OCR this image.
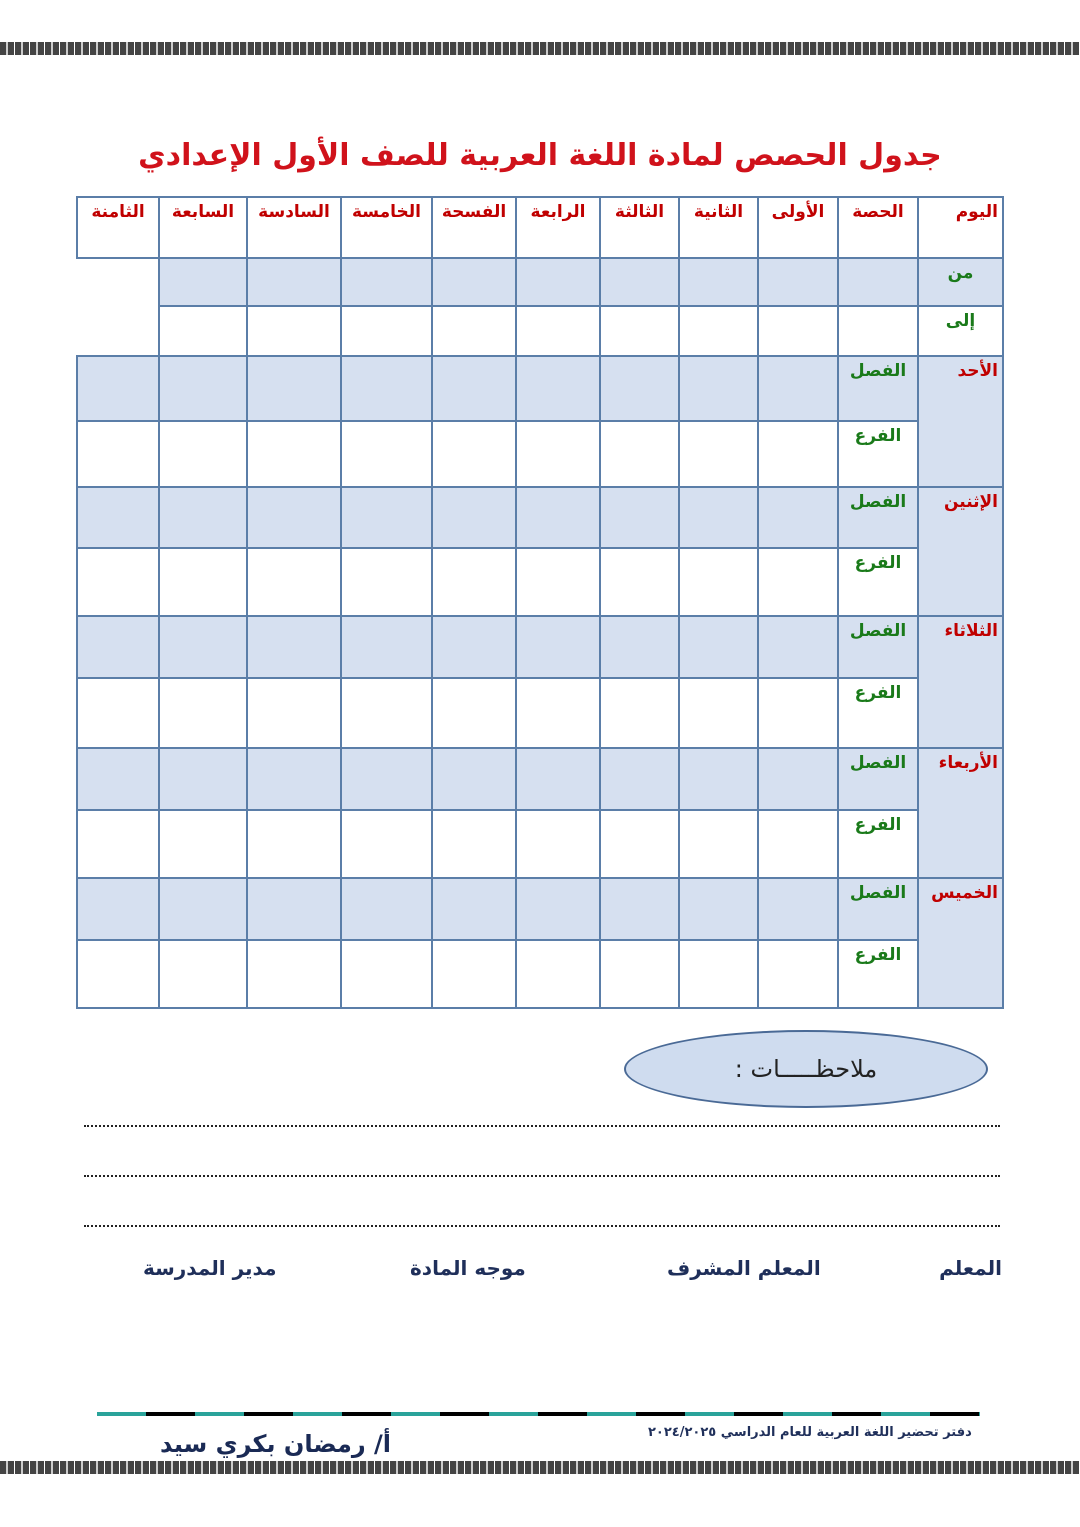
جدول الحصص لمادة اللغة العربية للصف الأول الإعدادي
اليوم	الحصة	الأولى	الثانية	الثالثة	الرابعة	الفسحة	الخامسة	السادسة	السابعة	الثامنة
من										
إلى										
الأحد	الفصل									
	الفرع									
الإثنين	الفصل									
	الفرع									
الثلاثاء	الفصل									
	الفرع									
الأربعاء	الفصل									
	الفرع									
الخميس	الفصل									
	الفرع									
ملاحظـــــات :
المعلم
المعلم المشرف
موجه المادة
مدير المدرسة
دفتر تحضير اللغة العربية للعام الدراسي ٢٠٢٤/٢٠٢٥
أ/ رمضان بكري سيد
